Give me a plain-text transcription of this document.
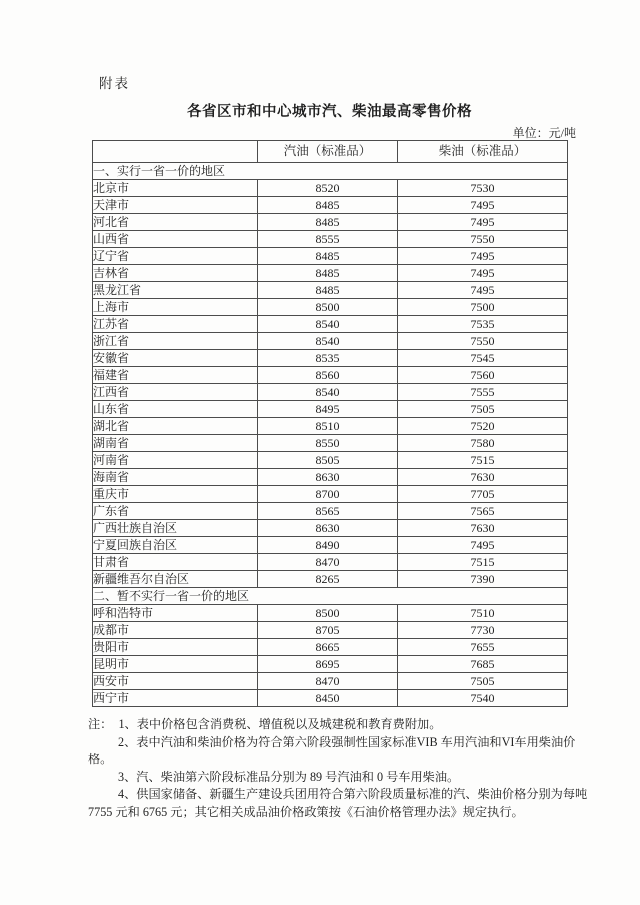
附表
各省区市和中心城市汽、柴油最高零售价格
单位：元/吨
	汽油（标准品）	柴油（标准品）
一、实行一省一价的地区		
北京市	8520	7530
天津市	8485	7495
河北省	8485	7495
山西省	8555	7550
辽宁省	8485	7495
吉林省	8485	7495
黑龙江省	8485	7495
上海市	8500	7500
江苏省	8540	7535
浙江省	8540	7550
安徽省	8535	7545
福建省	8560	7560
江西省	8540	7555
山东省	8495	7505
湖北省	8510	7520
湖南省	8550	7580
河南省	8505	7515
海南省	8630	7630
重庆市	8700	7705
广东省	8565	7565
广西壮族自治区	8630	7630
宁夏回族自治区	8490	7495
甘肃省	8470	7515
新疆维吾尔自治区	8265	7390
二、暂不实行一省一价的地区		
呼和浩特市	8500	7510
成都市	8705	7730
贵阳市	8665	7655
昆明市	8695	7685
西安市	8470	7505
西宁市	8450	7540
注：　1、表中价格包含消费税、增值税以及城建税和教育费附加。
2、表中汽油和柴油价格为符合第六阶段强制性国家标准VIB 车用汽油和VI车用柴油价
格。
3、汽、柴油第六阶段标准品分别为 89 号汽油和 0 号车用柴油。
4、供国家储备、新疆生产建设兵团用符合第六阶段质量标准的汽、柴油价格分别为每吨
7755 元和 6765 元；其它相关成品油价格政策按《石油价格管理办法》规定执行。
